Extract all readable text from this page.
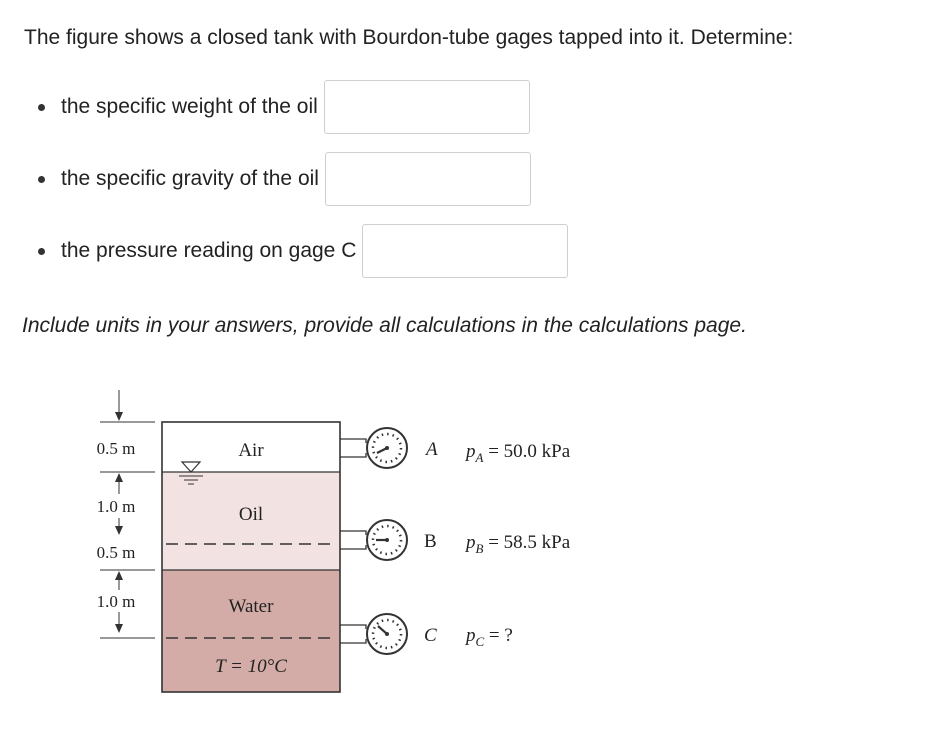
The figure shows a closed tank with Bourdon-tube gages tapped into it. Determine:

the specific weight of the oil
the specific gravity of the oil
the pressure reading on gage C

Include units in your answers, provide all calculations in the calculations page.

Air
Oil
Water
T = 10°C
0.5 m
1.0 m
0.5 m
1.0 m
A
B
C
$p_A = 50.0$ kPa
$p_B = 58.5$ kPa
$p_C$ = ?
